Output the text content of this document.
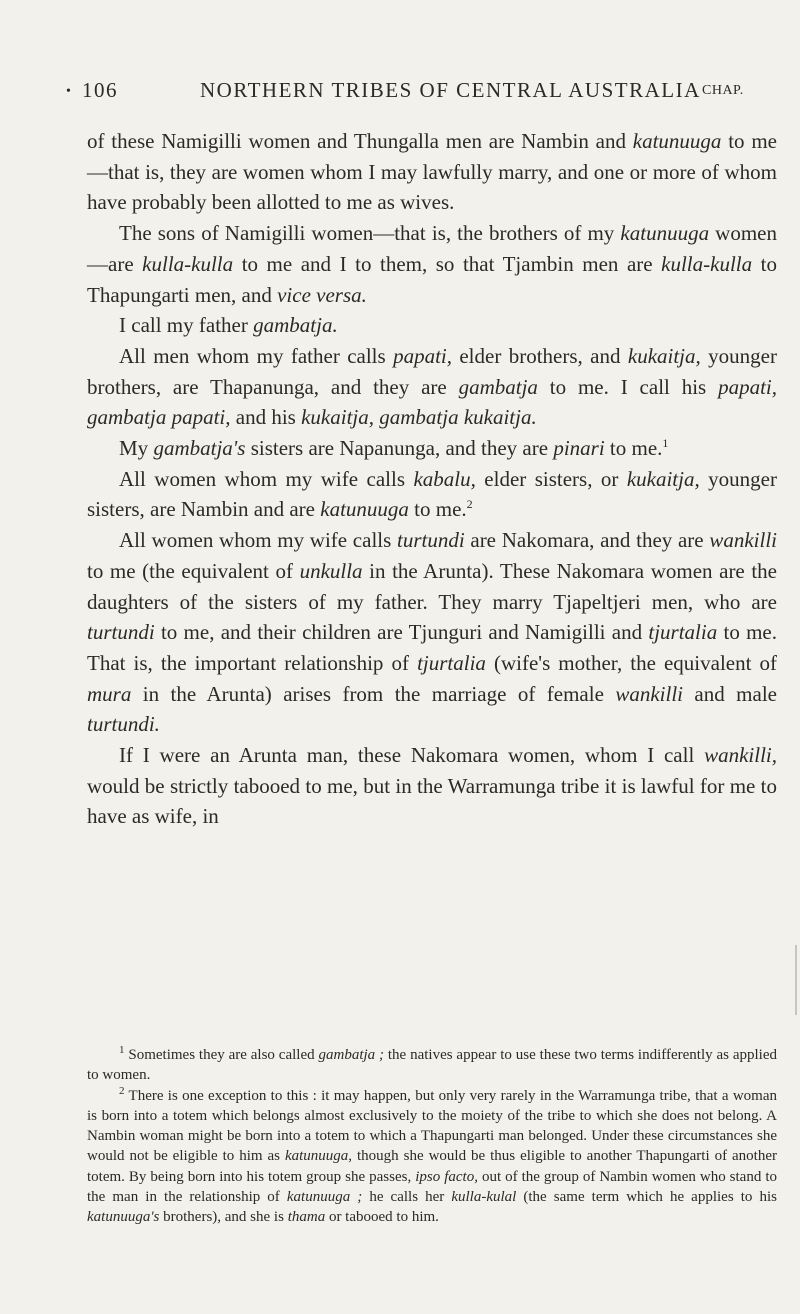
• 106	NORTHERN TRIBES OF CENTRAL AUSTRALIA CHAP.

of these Namigilli women and Thungalla men are Nambin and katunuuga to me—that is, they are women whom I may lawfully marry, and one or more of whom have probably been allotted to me as wives.

The sons of Namigilli women—that is, the brothers of my katunuuga women—are kulla-kulla to me and I to them, so that Tjambin men are kulla-kulla to Thapungarti men, and vice versa.

I call my father gambatja.

All men whom my father calls papati, elder brothers, and kukaitja, younger brothers, are Thapanunga, and they are gambatja to me. I call his papati, gambatja papati, and his kukaitja, gambatja kukaitja.

My gambatja's sisters are Napanunga, and they are pinari to me.$^1$

All women whom my wife calls kabalu, elder sisters, or kukaitja, younger sisters, are Nambin and are katunuuga to me.$^2$

All women whom my wife calls turtundi are Nakomara, and they are wankilli to me (the equivalent of unkulla in the Arunta). These Nakomara women are the daughters of the sisters of my father. They marry Tjapeltjeri men, who are turtundi to me, and their children are Tjunguri and Namigilli and tjurtalia to me. That is, the important relationship of tjurtalia (wife's mother, the equivalent of mura in the Arunta) arises from the marriage of female wankilli and male turtundi.

If I were an Arunta man, these Nakomara women, whom I call wankilli, would be strictly tabooed to me, but in the Warramunga tribe it is lawful for me to have as wife, in

$^1$ Sometimes they are also called gambatja ; the natives appear to use these two terms indifferently as applied to women.

$^2$ There is one exception to this : it may happen, but only very rarely in the Warramunga tribe, that a woman is born into a totem which belongs almost exclusively to the moiety of the tribe to which she does not belong. A Nambin woman might be born into a totem to which a Thapungarti man belonged. Under these circumstances she would not be eligible to him as katunuuga, though she would be thus eligible to another Thapungarti of another totem. By being born into his totem group she passes, ipso facto, out of the group of Nambin women who stand to the man in the relationship of katunuuga ; he calls her kulla-kulal (the same term which he applies to his katunuuga's brothers), and she is thama or tabooed to him.
